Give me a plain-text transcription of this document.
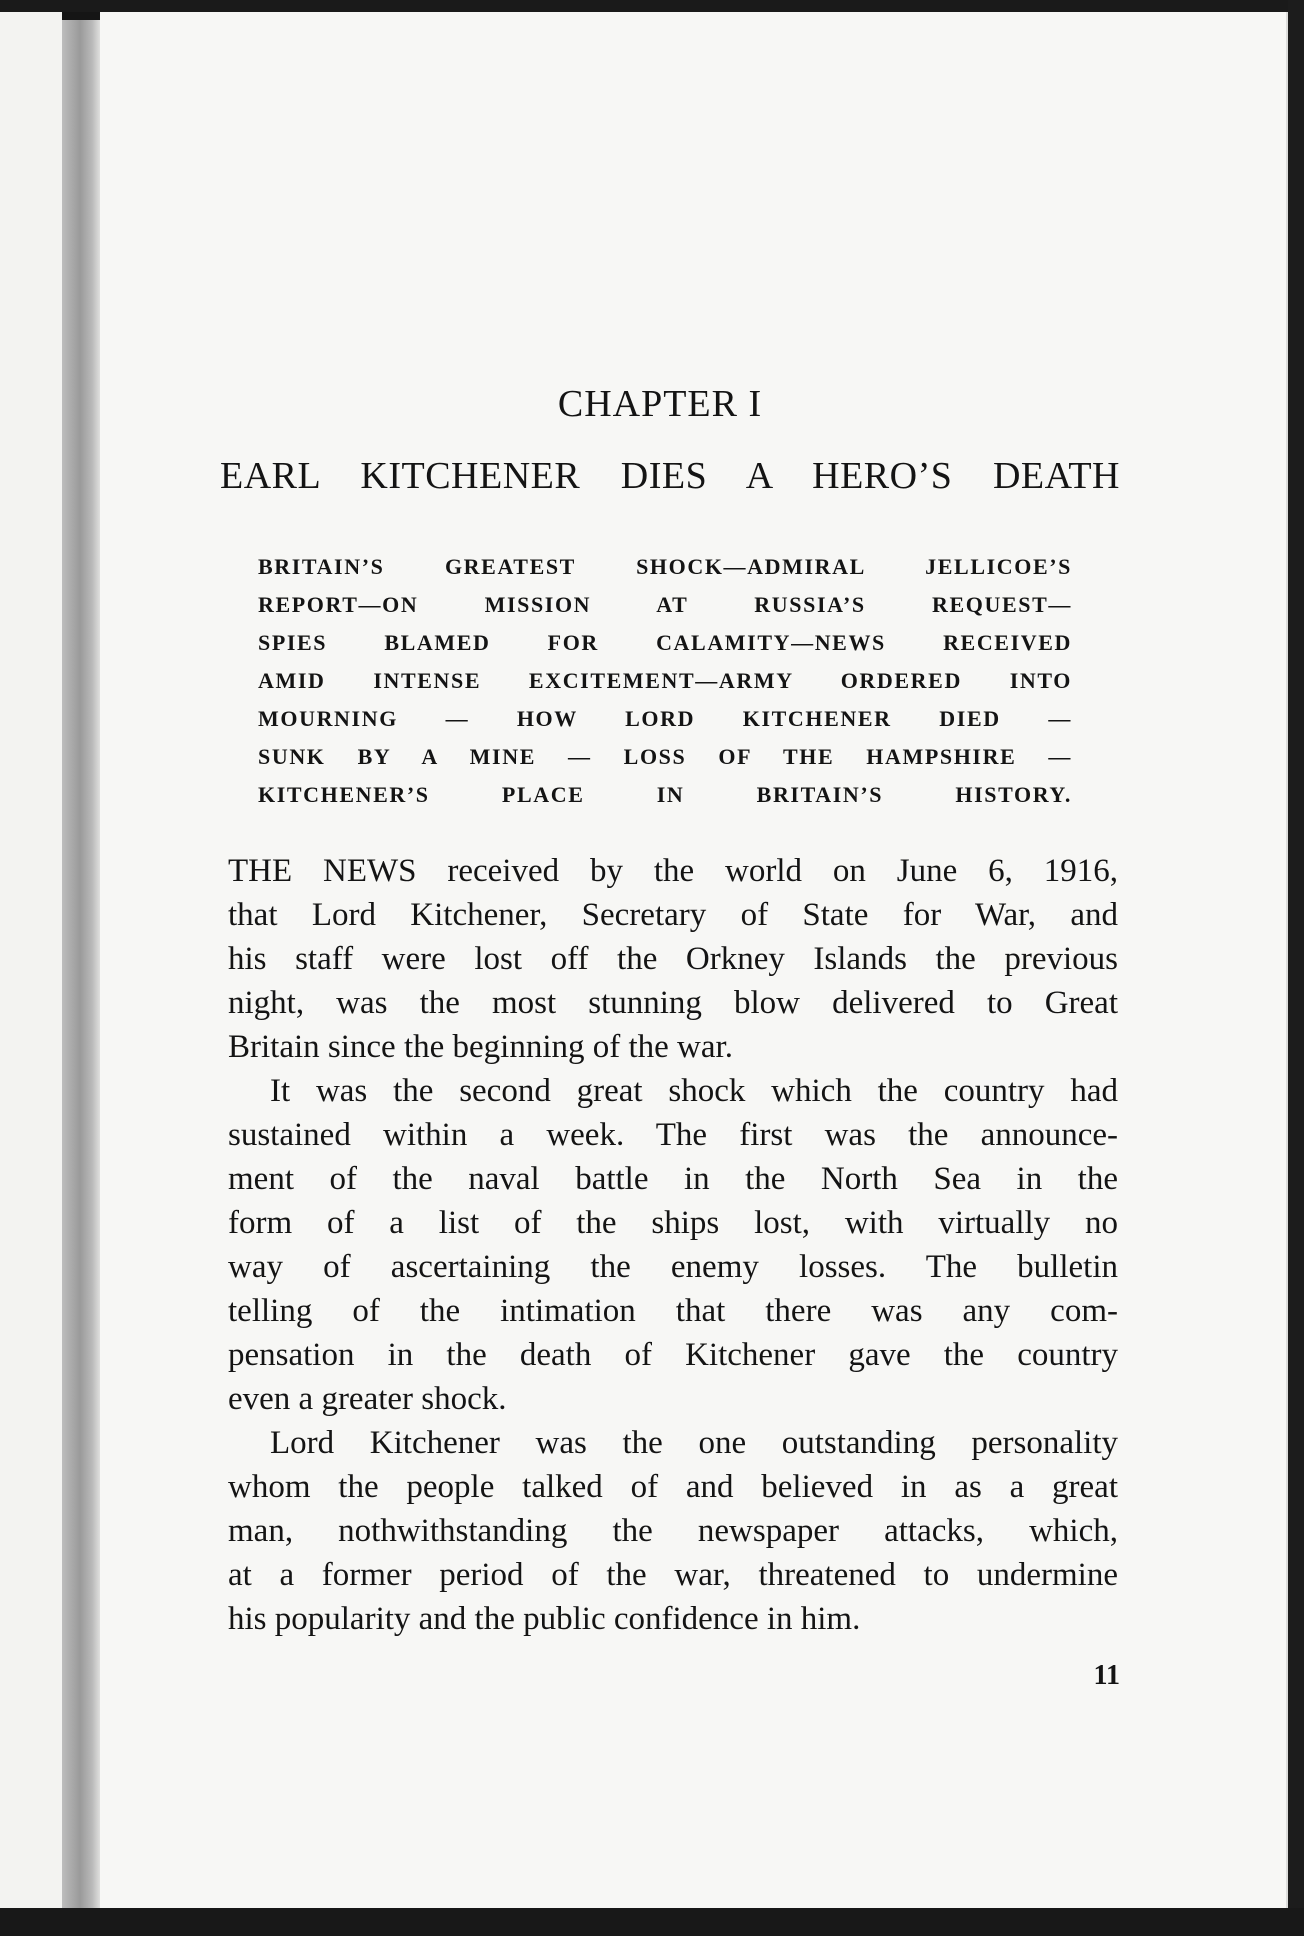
CHAPTER I
EARL KITCHENER DIES A HERO’S DEATH
BRITAIN’S GREATEST SHOCK—ADMIRAL JELLICOE’S
REPORT—ON MISSION AT RUSSIA’S REQUEST—
SPIES BLAMED FOR CALAMITY—NEWS RECEIVED
AMID INTENSE EXCITEMENT—ARMY ORDERED INTO
MOURNING — HOW LORD KITCHENER DIED —
SUNK BY A MINE — LOSS OF THE HAMPSHIRE —
KITCHENER’S PLACE IN BRITAIN’S HISTORY.

THE NEWS received by the world on June 6, 1916,
that Lord Kitchener, Secretary of State for War, and
his staff were lost off the Orkney Islands the previous
night, was the most stunning blow delivered to Great
Britain since the beginning of the war.

It was the second great shock which the country had
sustained within a week. The first was the announce-
ment of the naval battle in the North Sea in the
form of a list of the ships lost, with virtually no
way of ascertaining the enemy losses. The bulletin
telling of the intimation that there was any com-
pensation in the death of Kitchener gave the country
even a greater shock.

Lord Kitchener was the one outstanding personality
whom the people talked of and believed in as a great
man, nothwithstanding the newspaper attacks, which,
at a former period of the war, threatened to undermine
his popularity and the public confidence in him.

11
